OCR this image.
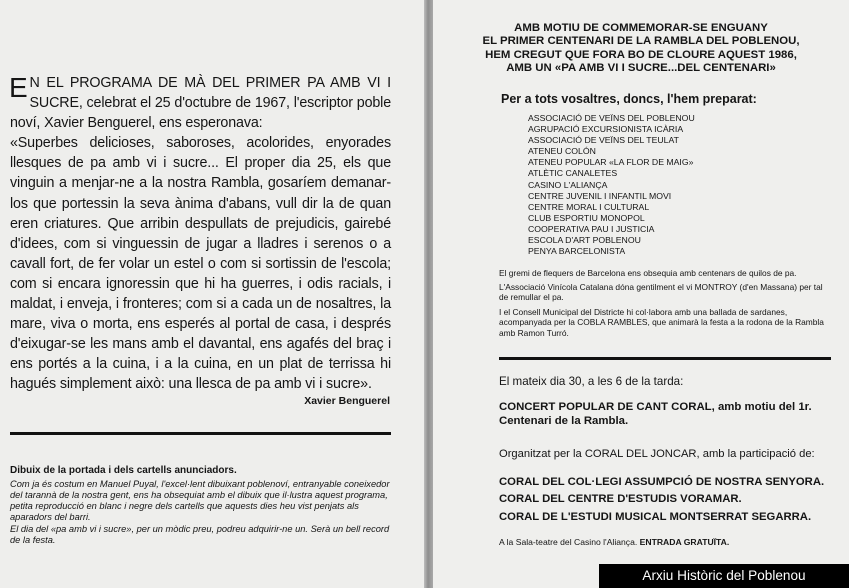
E N EL PROGRAMA DE MÀ DEL PRIMER PA AMB VI I SUCRE, celebrat el 25 d'octubre de 1967, l'escriptor poble noví, Xavier Benguerel, ens esperonava:

«Superbes delicioses, saboroses, acolorides, enyorades llesques de pa amb vi i sucre... El proper dia 25, els que vinguin a menjar-ne a la nostra Rambla, gosaríem demanar-los que portessin la seva ànima d'abans, vull dir la de quan eren criatures. Que arribin despullats de prejudicis, gairebé d'idees, com si vinguessin de jugar a lladres i serenos o a cavall fort, de fer volar un estel o com si sortissin de l'escola; com si encara ignoressin que hi ha guerres, i odis racials, i maldat, i enveja, i fronteres; com si a cada un de nosaltres, la mare, viva o morta, ens esperés al portal de casa, i després d'eixugar-se les mans amb el davantal, ens agafés del braç i ens portés a la cuina, i a la cuina, en un plat de terrissa hi hagués simplement això: una llesca de pa amb vi i sucre».

Xavier Benguerel
Dibuix de la portada i dels cartells anunciadors.

Com ja és costum en Manuel Puyal, l'excel·lent dibuixant poblenoví, entranyable coneixedor del tarannà de la nostra gent, ens ha obsequiat amb el dibuix que il·lustra aquest programa, petita reproducció en blanc i negre dels cartells que aquests dies heu vist penjats als aparadors del barri.

El dia del «pa amb vi i sucre», per un mòdic preu, podreu adquirir-ne un. Serà un bell record de la festa.

AMB MOTIU DE COMMEMORAR-SE ENGUANY
EL PRIMER CENTENARI DE LA RAMBLA DEL POBLENOU,
HEM CREGUT QUE FORA BO DE CLOURE AQUEST 1986,
AMB UN «PA AMB VI I SUCRE...DEL CENTENARI»
Per a tots vosaltres, doncs, l'hem preparat:
ASSOCIACIÓ DE VEÏNS DEL POBLENOU
AGRUPACIÓ EXCURSIONISTA ICÀRIA
ASSOCIACIÓ DE VEÏNS DEL TEULAT
ATENEU COLÓN
ATENEU POPULAR «LA FLOR DE MAIG»
ATLÈTIC CANALETES
CASINO L'ALIANÇA
CENTRE JUVENIL I INFANTIL MOVI
CENTRE MORAL I CULTURAL
CLUB ESPORTIU MONOPOL
COOPERATIVA PAU I JUSTICIA
ESCOLA D'ART POBLENOU
PENYA BARCELONISTA
El gremi de flequers de Barcelona ens obsequia amb centenars de quilos de pa.
L'Associació Vinícola Catalana dóna gentilment el vi MONTROY (d'en Massana) per tal de remullar el pa.
I el Consell Municipal del Districte hi col·labora amb una ballada de sardanes, acompanyada per la COBLA RAMBLES, que animarà la festa a la rodona de la Rambla amb Ramon Turró.
El mateix dia 30, a les 6 de la tarda:
CONCERT POPULAR DE CANT CORAL, amb motiu del 1r. Centenari de la Rambla.
Organitzat per la CORAL DEL JONCAR, amb la participació de:
CORAL DEL COL·LEGI ASSUMPCIÓ DE NOSTRA SENYORA.
CORAL DEL CENTRE D'ESTUDIS VORAMAR.
CORAL DE L'ESTUDI MUSICAL MONTSERRAT SEGARRA.
A la Sala-teatre del Casino l'Aliança. ENTRADA GRATUÏTA.
Arxiu Històric del Poblenou
